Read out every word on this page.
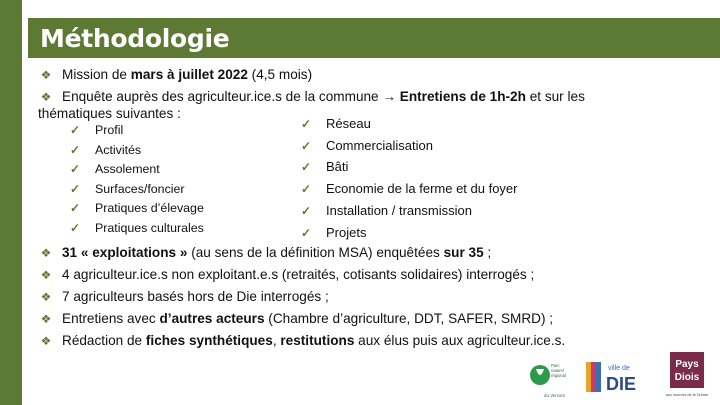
Méthodologie
❖ Mission de mars à juillet 2022 (4,5 mois)
❖ Enquête auprès des agriculteur.ice.s de la commune → Entretiens de 1h-2h et sur les
thématiques suivantes :
✓ Profil
✓ Activités
✓ Assolement
✓ Surfaces/foncier
✓ Pratiques d’élevage
✓ Pratiques culturales
✓ Réseau
✓ Commercialisation
✓ Bâti
✓ Economie de la ferme et du foyer
✓ Installation / transmission
✓ Projets
❖ 31 « exploitations » (au sens de la définition MSA) enquêtées sur 35 ;
❖ 4 agriculteur.ice.s non exploitant.e.s (retraités, cotisants solidaires) interrogés ;
❖ 7 agriculteurs basés hors de Die interrogés ;
❖ Entretiens avec d’autres acteurs (Chambre d’agriculture, DDT, SAFER, SMRD) ;
❖ Rédaction de fiches synthétiques, restitutions aux élus puis aux agriculteur.ice.s.
Parc
naturel
régional
du Vercors
ville de
DIE
Pays
Diois
aux sources de la Drôme
